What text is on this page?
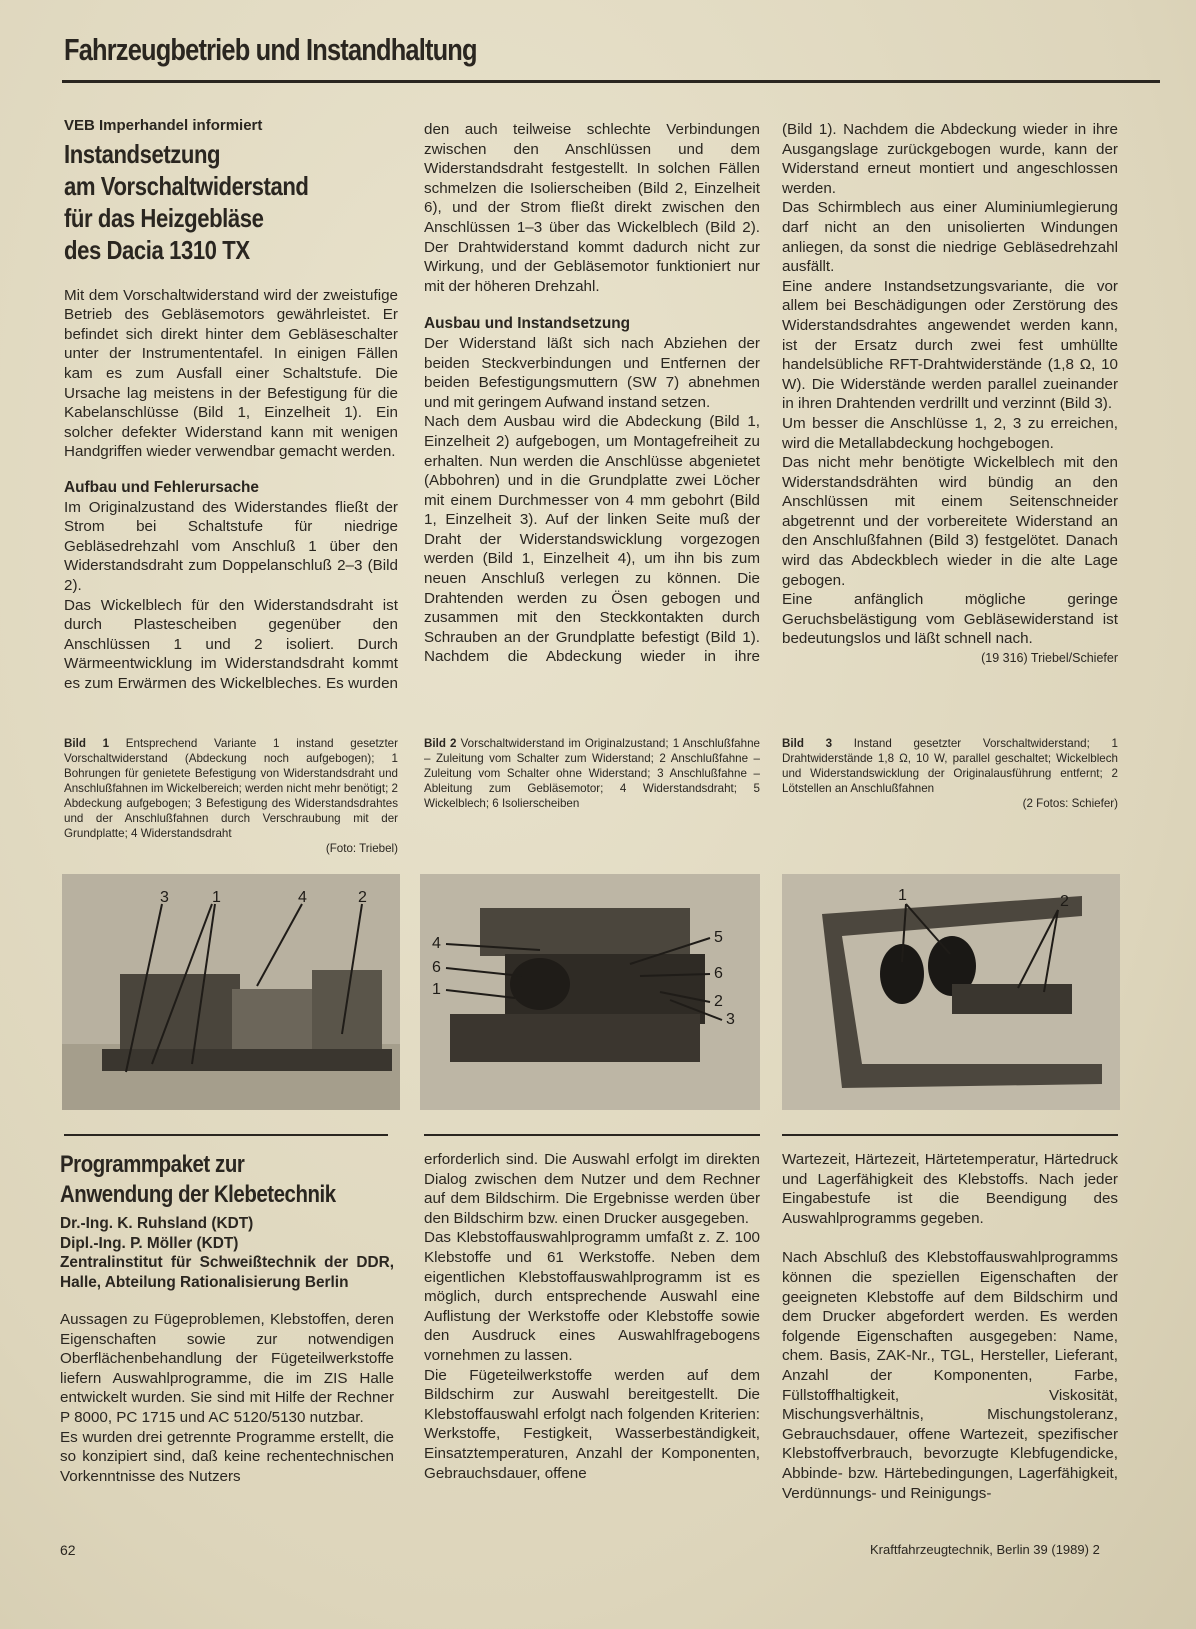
Fahrzeugbetrieb und Instandhaltung
VEB Imperhandel informiert
Instandsetzung
am Vorschaltwiderstand
für das Heizgebläse
des Dacia 1310 TX

Mit dem Vorschaltwiderstand wird der zweistufige Betrieb des Gebläsemotors gewährleistet. Er befindet sich direkt hinter dem Gebläseschalter unter der Instrumententafel. In einigen Fällen kam es zum Ausfall einer Schaltstufe. Die Ursache lag meistens in der Befestigung für die Kabelanschlüsse (Bild 1, Einzelheit 1). Ein solcher defekter Widerstand kann mit wenigen Handgriffen wieder verwendbar gemacht werden.

Aufbau und Fehlerursache

Im Originalzustand des Widerstandes fließt der Strom bei Schaltstufe für niedrige Gebläsedrehzahl vom Anschluß 1 über den Widerstandsdraht zum Doppelanschluß 2–3 (Bild 2).

Das Wickelblech für den Widerstandsdraht ist durch Plastescheiben gegenüber den Anschlüssen 1 und 2 isoliert. Durch Wärmeentwicklung im Widerstandsdraht kommt es zum Erwärmen des Wickelbleches. Es wurden

den auch teilweise schlechte Verbindungen zwischen den Anschlüssen und dem Widerstandsdraht festgestellt. In solchen Fällen schmelzen die Isolierscheiben (Bild 2, Einzelheit 6), und der Strom fließt direkt zwischen den Anschlüssen 1–3 über das Wickelblech (Bild 2). Der Drahtwiderstand kommt dadurch nicht zur Wirkung, und der Gebläsemotor funktioniert nur mit der höheren Drehzahl.

Ausbau und Instandsetzung

Der Widerstand läßt sich nach Abziehen der beiden Steckverbindungen und Entfernen der beiden Befestigungsmuttern (SW 7) abnehmen und mit geringem Aufwand instand setzen.

Nach dem Ausbau wird die Abdeckung (Bild 1, Einzelheit 2) aufgebogen, um Montagefreiheit zu erhalten. Nun werden die Anschlüsse abgenietet (Abbohren) und in die Grundplatte zwei Löcher mit einem Durchmesser von 4 mm gebohrt (Bild 1, Einzelheit 3). Auf der linken Seite muß der Draht der Widerstandswicklung vorgezogen werden (Bild 1, Einzelheit 4), um ihn bis zum neuen Anschluß verlegen zu können. Die Drahtenden werden zu Ösen gebogen und zusammen mit den Steckkontakten durch Schrauben an der Grundplatte befestigt (Bild 1). Nachdem die Abdeckung wieder in ihre

(Bild 1). Nachdem die Abdeckung wieder in ihre Ausgangslage zurückgebogen wurde, kann der Widerstand erneut montiert und angeschlossen werden.

Das Schirmblech aus einer Aluminiumlegierung darf nicht an den unisolierten Windungen anliegen, da sonst die niedrige Gebläsedrehzahl ausfällt.

Eine andere Instandsetzungsvariante, die vor allem bei Beschädigungen oder Zerstörung des Widerstandsdrahtes angewendet werden kann, ist der Ersatz durch zwei fest umhüllte handelsübliche RFT-Drahtwiderstände (1,8 Ω, 10 W). Die Widerstände werden parallel zueinander in ihren Drahtenden verdrillt und verzinnt (Bild 3).

Um besser die Anschlüsse 1, 2, 3 zu erreichen, wird die Metallabdeckung hochgebogen.

Das nicht mehr benötigte Wickelblech mit den Widerstandsdrähten wird bündig an den Anschlüssen mit einem Seitenschneider abgetrennt und der vorbereitete Widerstand an den Anschlußfahnen (Bild 3) festgelötet. Danach wird das Abdeckblech wieder in die alte Lage gebogen.

Eine anfänglich mögliche geringe Geruchsbelästigung vom Gebläsewiderstand ist bedeutungslos und läßt schnell nach.

(19 316) Triebel/Schiefer
Bild 1 Entsprechend Variante 1 instand gesetzter Vorschaltwiderstand (Abdeckung noch aufgebogen); 1 Bohrungen für genietete Befestigung von Widerstandsdraht und Anschlußfahnen im Wickelbereich; werden nicht mehr benötigt; 2 Abdeckung aufgebogen; 3 Befestigung des Widerstandsdrahtes und der Anschlußfahnen durch Verschraubung mit der Grundplatte; 4 Widerstandsdraht
(Foto: Triebel)
Bild 2 Vorschaltwiderstand im Originalzustand; 1 Anschlußfahne – Zuleitung vom Schalter zum Widerstand; 2 Anschlußfahne – Zuleitung vom Schalter ohne Widerstand; 3 Anschlußfahne – Ableitung zum Gebläsemotor; 4 Widerstandsdraht; 5 Wickelblech; 6 Isolierscheiben
Bild 3 Instand gesetzter Vorschaltwiderstand; 1 Drahtwiderstände 1,8 Ω, 10 W, parallel geschaltet; Wickelblech und Widerstandswicklung der Originalausführung entfernt; 2 Lötstellen an Anschlußfahnen
(2 Fotos: Schiefer)
3	1	4	2
4
6
1
5
6
2
3
1	2
Programmpaket zur
Anwendung der Klebetechnik
Dr.-Ing. K. Ruhsland (KDT)
Dipl.-Ing. P. Möller (KDT)
Zentralinstitut für Schweißtechnik der DDR, Halle, Abteilung Rationalisierung Berlin

Aussagen zu Fügeproblemen, Klebstoffen, deren Eigenschaften sowie zur notwendigen Oberflächenbehandlung der Fügeteilwerkstoffe liefern Auswahlprogramme, die im ZIS Halle entwickelt wurden. Sie sind mit Hilfe der Rechner P 8000, PC 1715 und AC 5120/5130 nutzbar.

Es wurden drei getrennte Programme erstellt, die so konzipiert sind, daß keine rechentechnischen Vorkenntnisse des Nutzers

erforderlich sind. Die Auswahl erfolgt im direkten Dialog zwischen dem Nutzer und dem Rechner auf dem Bildschirm. Die Ergebnisse werden über den Bildschirm bzw. einen Drucker ausgegeben.

Das Klebstoffauswahlprogramm umfaßt z. Z. 100 Klebstoffe und 61 Werkstoffe. Neben dem eigentlichen Klebstoffauswahlprogramm ist es möglich, durch entsprechende Auswahl eine Auflistung der Werkstoffe oder Klebstoffe sowie den Ausdruck eines Auswahlfragebogens vornehmen zu lassen.

Die Fügeteilwerkstoffe werden auf dem Bildschirm zur Auswahl bereitgestellt. Die Klebstoffauswahl erfolgt nach folgenden Kriterien: Werkstoffe, Festigkeit, Wasserbeständigkeit, Einsatztemperaturen, Anzahl der Komponenten, Gebrauchsdauer, offene

Wartezeit, Härtezeit, Härtetemperatur, Härtedruck und Lagerfähigkeit des Klebstoffs. Nach jeder Eingabestufe ist die Beendigung des Auswahlprogramms gegeben.

Nach Abschluß des Klebstoffauswahlprogramms können die speziellen Eigenschaften der geeigneten Klebstoffe auf dem Bildschirm und dem Drucker abgefordert werden. Es werden folgende Eigenschaften ausgegeben: Name, chem. Basis, ZAK-Nr., TGL, Hersteller, Lieferant, Anzahl der Komponenten, Farbe, Füllstoffhaltigkeit, Viskosität, Mischungsverhältnis, Mischungstoleranz, Gebrauchsdauer, offene Wartezeit, spezifischer Klebstoffverbrauch, bevorzugte Klebfugendicke, Abbinde- bzw. Härtebedingungen, Lagerfähigkeit, Verdünnungs- und Reinigungs-

62	Kraftfahrzeugtechnik, Berlin 39 (1989) 2
